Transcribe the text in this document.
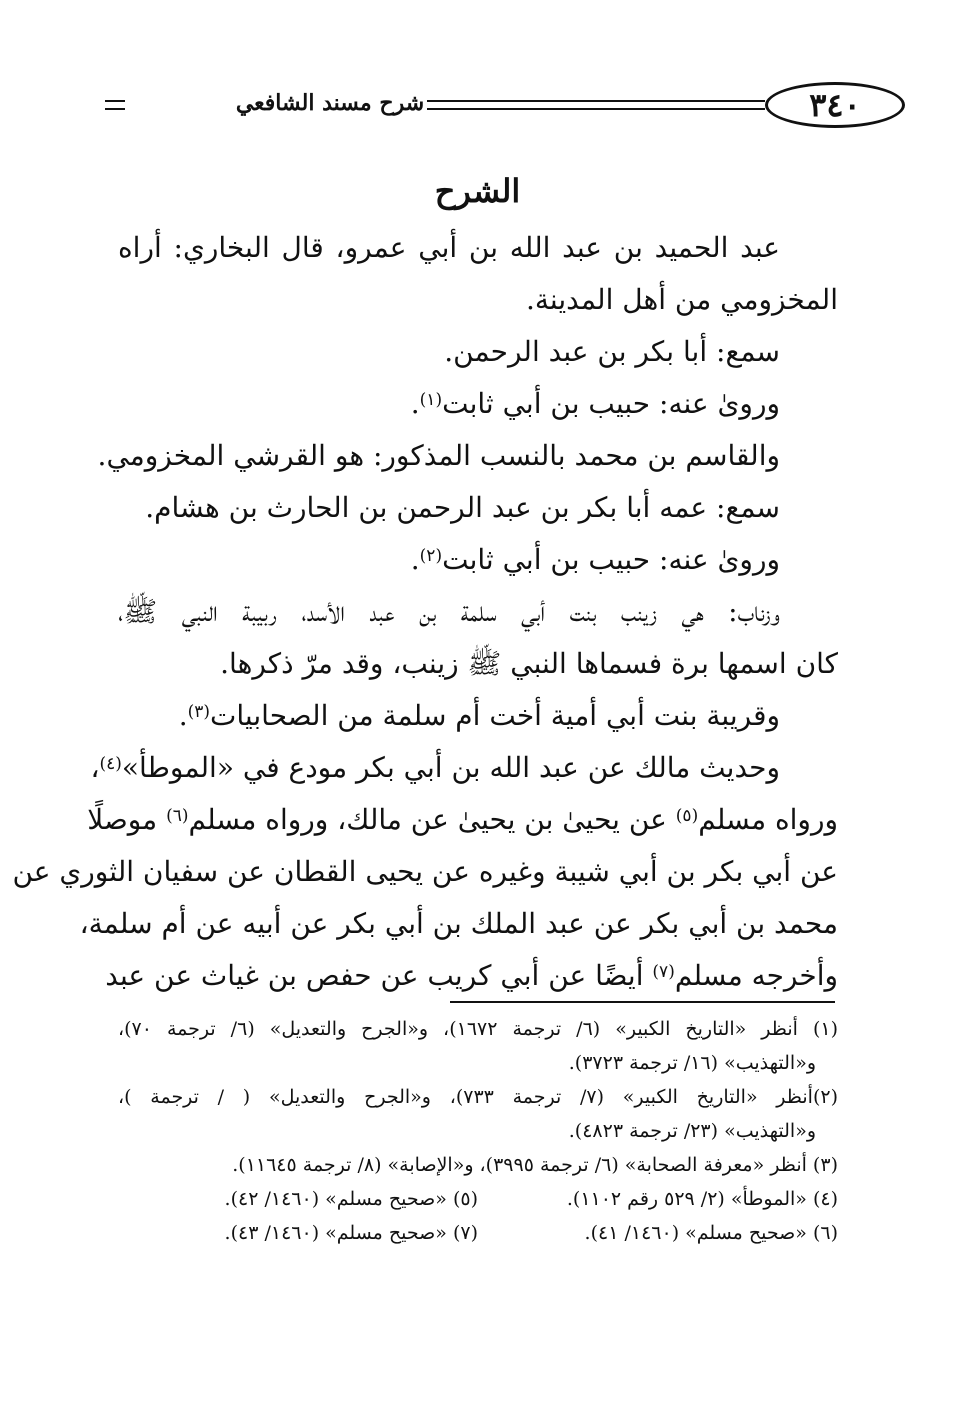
شرح مسند الشافعي	٣٤٠
الشرح
عبد الحميد بن عبد الله بن أبي عمرو، قال البخاري: أراه
المخزومي من أهل المدينة.
سمع: أبا بكر بن عبد الرحمن.
ورویٰ عنه: حبيب بن أبي ثابت$^{(١)}$.
والقاسم بن محمد بالنسب المذكور: هو القرشي المخزومي.
سمع: عمه أبا بكر بن عبد الرحمن بن الحارث بن هشام.
ورویٰ عنه: حبيب بن أبي ثابت$^{(٢)}$.
وزناب: هي زينب بنت أبي سلمة بن عبد الأسد، ربيبة النبي ﷺ،
كان اسمها برة فسماها النبي ﷺ زينب، وقد مرّ ذكرها.
وقريبة بنت أبي أمية أخت أم سلمة من الصحابيات$^{(٣)}$.
وحديث مالك عن عبد الله بن أبي بكر مودع في «الموطأ»$^{(٤)}$،
ورواه مسلم$^{(٥)}$ عن يحيىٰ بن يحيىٰ عن مالك، ورواه مسلم$^{(٦)}$ موصلًا
عن أبي بكر بن أبي شيبة وغيره عن يحيى القطان عن سفيان الثوري عن
محمد بن أبي بكر عن عبد الملك بن أبي بكر عن أبيه عن أم سلمة،
وأخرجه مسلم$^{(٧)}$ أيضًا عن أبي كريب عن حفص بن غياث عن عبد
(١) أنظر «التاريخ الكبير» (٦/ ترجمة ١٦٧٢)، و«الجرح والتعديل» (٦/ ترجمة ٧٠)،
و«التهذيب» (١٦/ ترجمة ٣٧٢٣).
(٢)أنظر «التاريخ الكبير» (٧/ ترجمة ٧٣٣)، و«الجرح والتعديل» ( / ترجمة )،
و«التهذيب» (٢٣/ ترجمة ٤٨٢٣).
(٣) أنظر «معرفة الصحابة» (٦/ ترجمة ٣٩٩٥)، و«الإصابة» (٨/ ترجمة ١١٦٤٥).
(٤) «الموطأ» (٢/ ٥٢٩ رقم ١١٠٢).
(٥) «صحيح مسلم» (١٤٦٠/ ٤٢).
(٦) «صحيح مسلم» (١٤٦٠/ ٤١).
(٧) «صحيح مسلم» (١٤٦٠/ ٤٣).
